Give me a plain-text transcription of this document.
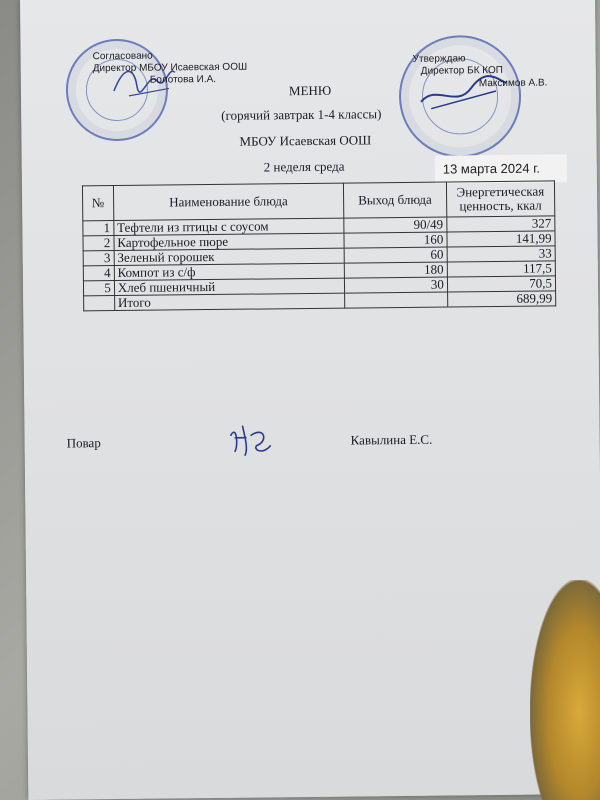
Согласовано
Директор МБОУ Исаевская ООШ
Болотова И.А.
Утверждаю
Директор БК КОП
Максимов А.В.
МЕНЮ
(горячий завтрак 1-4 классы)
МБОУ Исаевская ООШ
2 неделя среда	13 марта 2024 г.
№	Наименование блюда	Выход блюда	Энергетическая ценность, ккал
1	Тефтели из птицы с соусом	90/49	327
2	Картофельное пюре	160	141,99
3	Зеленый горошек	60	33
4	Компот из с/ф	180	117,5
5	Хлеб пшеничный	30	70,5
	Итого		689,99
Повар	Кавылина Е.С.
